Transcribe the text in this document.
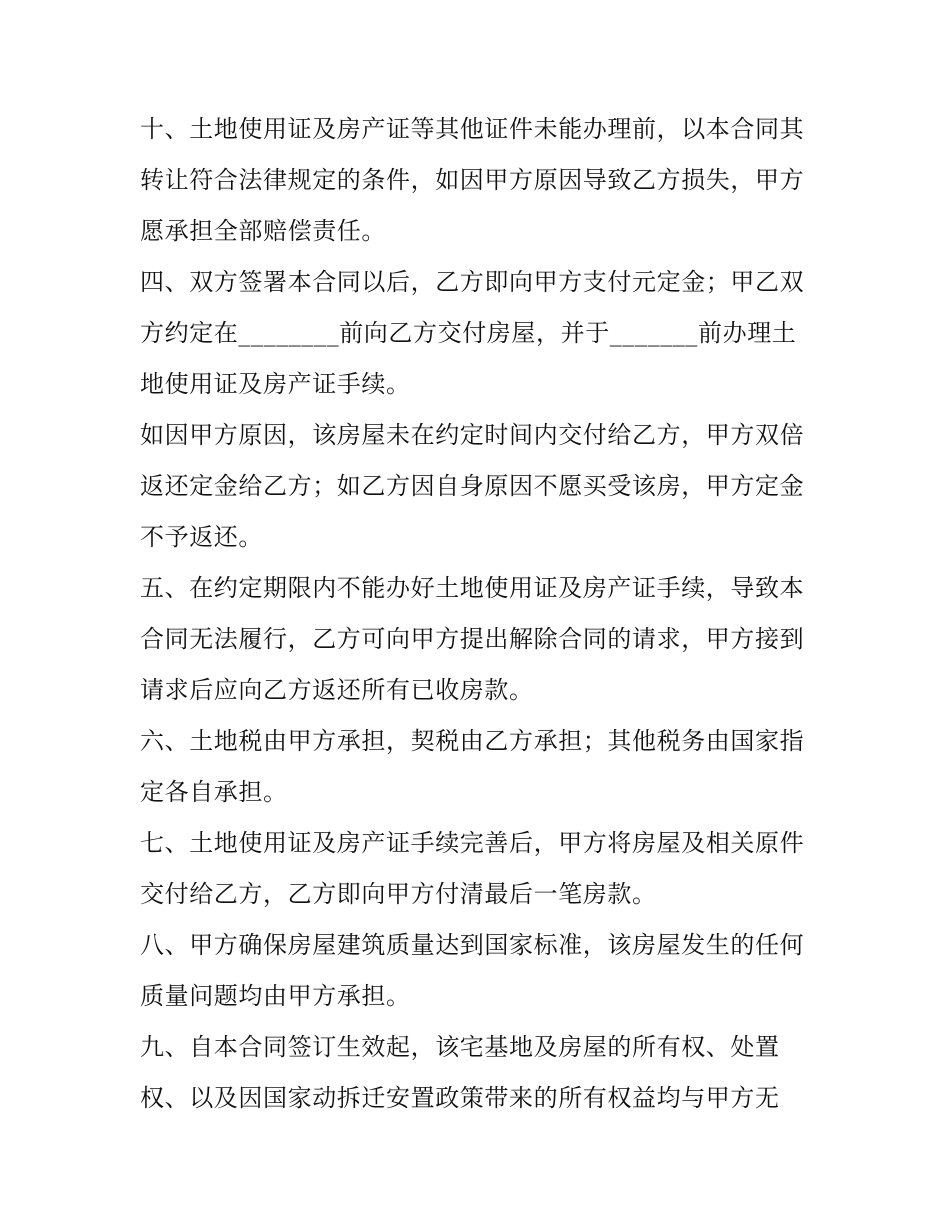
十、土地使用证及房产证等其他证件未能办理前，以本合同其
转让符合法律规定的条件，如因甲方原因导致乙方损失，甲方
愿承担全部赔偿责任。
四、双方签署本合同以后，乙方即向甲方支付元定金；甲乙双
方约定在________前向乙方交付房屋，并于_______前办理土
地使用证及房产证手续。
如因甲方原因，该房屋未在约定时间内交付给乙方，甲方双倍
返还定金给乙方；如乙方因自身原因不愿买受该房，甲方定金
不予返还。
五、在约定期限内不能办好土地使用证及房产证手续，导致本
合同无法履行，乙方可向甲方提出解除合同的请求，甲方接到
请求后应向乙方返还所有已收房款。
六、土地税由甲方承担，契税由乙方承担；其他税务由国家指
定各自承担。
七、土地使用证及房产证手续完善后，甲方将房屋及相关原件
交付给乙方，乙方即向甲方付清最后一笔房款。
八、甲方确保房屋建筑质量达到国家标准，该房屋发生的任何
质量问题均由甲方承担。
九、自本合同签订生效起，该宅基地及房屋的所有权、处置
权、以及因国家动拆迁安置政策带来的所有权益均与甲方无
